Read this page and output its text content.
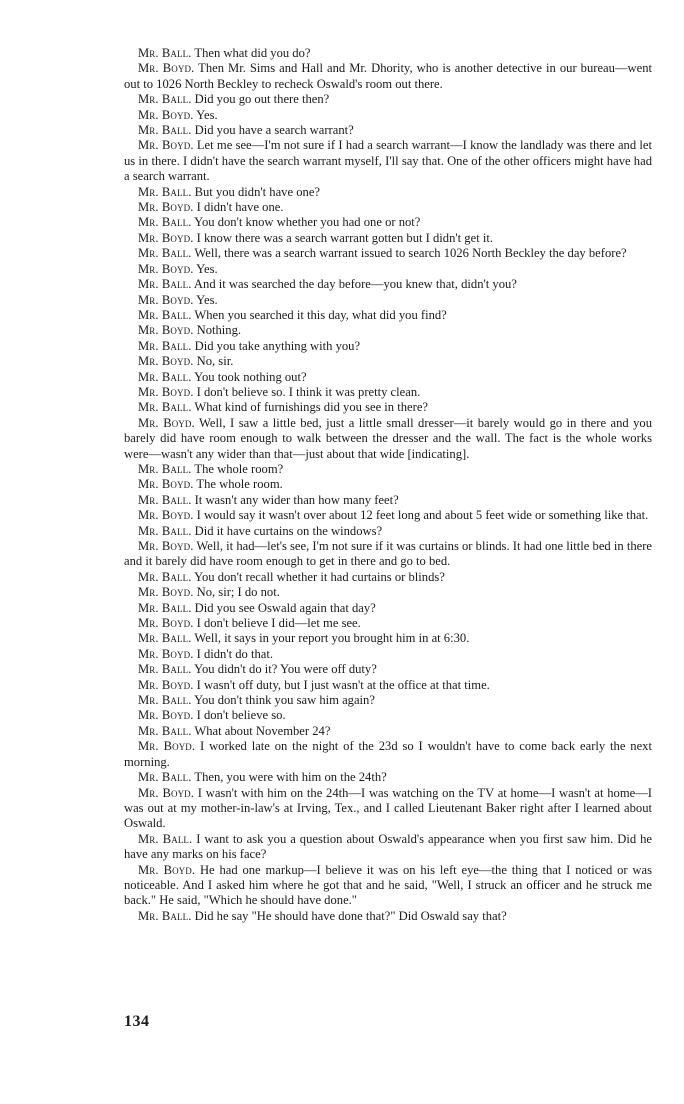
Mr. Ball. Then what did you do?

Mr. Boyd. Then Mr. Sims and Hall and Mr. Dhority, who is another detective in our bureau—went out to 1026 North Beckley to recheck Oswald's room out there.

Mr. Ball. Did you go out there then?

Mr. Boyd. Yes.

Mr. Ball. Did you have a search warrant?

Mr. Boyd. Let me see—I'm not sure if I had a search warrant—I know the landlady was there and let us in there. I didn't have the search warrant myself, I'll say that. One of the other officers might have had a search warrant.

Mr. Ball. But you didn't have one?

Mr. Boyd. I didn't have one.

Mr. Ball. You don't know whether you had one or not?

Mr. Boyd. I know there was a search warrant gotten but I didn't get it.

Mr. Ball. Well, there was a search warrant issued to search 1026 North Beckley the day before?

Mr. Boyd. Yes.

Mr. Ball. And it was searched the day before—you knew that, didn't you?

Mr. Boyd. Yes.

Mr. Ball. When you searched it this day, what did you find?

Mr. Boyd. Nothing.

Mr. Ball. Did you take anything with you?

Mr. Boyd. No, sir.

Mr. Ball. You took nothing out?

Mr. Boyd. I don't believe so. I think it was pretty clean.

Mr. Ball. What kind of furnishings did you see in there?

Mr. Boyd. Well, I saw a little bed, just a little small dresser—it barely would go in there and you barely did have room enough to walk between the dresser and the wall. The fact is the whole works were—wasn't any wider than that—just about that wide [indicating].

Mr. Ball. The whole room?

Mr. Boyd. The whole room.

Mr. Ball. It wasn't any wider than how many feet?

Mr. Boyd. I would say it wasn't over about 12 feet long and about 5 feet wide or something like that.

Mr. Ball. Did it have curtains on the windows?

Mr. Boyd. Well, it had—let's see, I'm not sure if it was curtains or blinds. It had one little bed in there and it barely did have room enough to get in there and go to bed.

Mr. Ball. You don't recall whether it had curtains or blinds?

Mr. Boyd. No, sir; I do not.

Mr. Ball. Did you see Oswald again that day?

Mr. Boyd. I don't believe I did—let me see.

Mr. Ball. Well, it says in your report you brought him in at 6:30.

Mr. Boyd. I didn't do that.

Mr. Ball. You didn't do it? You were off duty?

Mr. Boyd. I wasn't off duty, but I just wasn't at the office at that time.

Mr. Ball. You don't think you saw him again?

Mr. Boyd. I don't believe so.

Mr. Ball. What about November 24?

Mr. Boyd. I worked late on the night of the 23d so I wouldn't have to come back early the next morning.

Mr. Ball. Then, you were with him on the 24th?

Mr. Boyd. I wasn't with him on the 24th—I was watching on the TV at home—I wasn't at home—I was out at my mother-in-law's at Irving, Tex., and I called Lieutenant Baker right after I learned about Oswald.

Mr. Ball. I want to ask you a question about Oswald's appearance when you first saw him. Did he have any marks on his face?

Mr. Boyd. He had one markup—I believe it was on his left eye—the thing that I noticed or was noticeable. And I asked him where he got that and he said, "Well, I struck an officer and he struck me back." He said, "Which he should have done."

Mr. Ball. Did he say "He should have done that?" Did Oswald say that?

134
